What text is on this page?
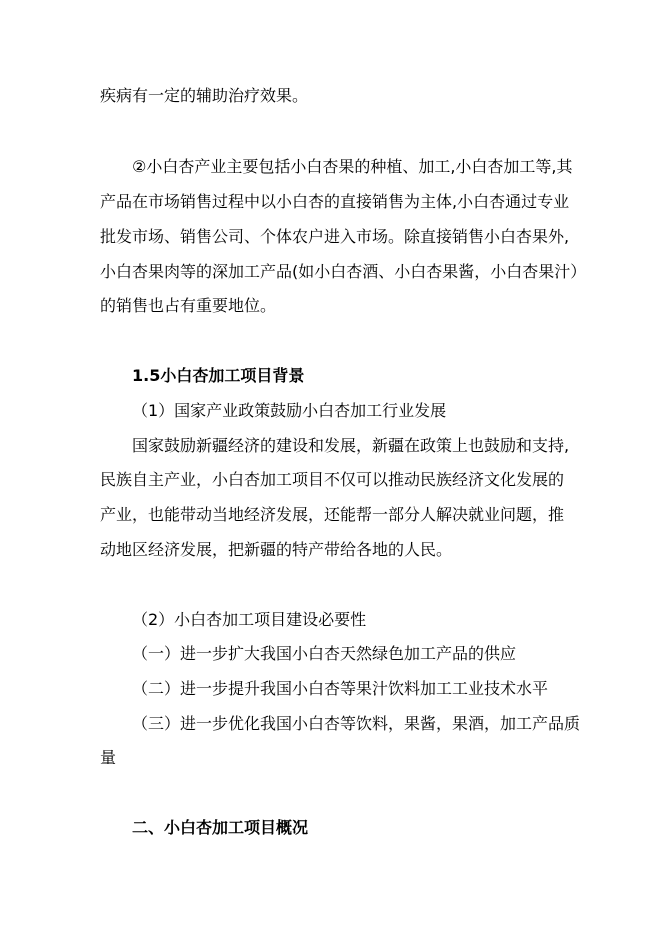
疾病有一定的辅助治疗效果。
②小白杏产业主要包括小白杏果的种植、加工,小白杏加工等,其
产品在市场销售过程中以小白杏的直接销售为主体,小白杏通过专业
批发市场、销售公司、个体农户进入市场。除直接销售小白杏果外,
小白杏果肉等的深加工产品(如小白杏酒、小白杏果酱，小白杏果汁）
的销售也占有重要地位。
1.5小白杏加工项目背景
（1）国家产业政策鼓励小白杏加工行业发展
国家鼓励新疆经济的建设和发展，新疆在政策上也鼓励和支持,
民族自主产业，小白杏加工项目不仅可以推动民族经济文化发展的
产业，也能带动当地经济发展，还能帮一部分人解决就业问题，推
动地区经济发展，把新疆的特产带给各地的人民。
（2）小白杏加工项目建设必要性
（一）进一步扩大我国小白杏天然绿色加工产品的供应
（二）进一步提升我国小白杏等果汁饮料加工工业技术水平
（三）进一步优化我国小白杏等饮料，果酱，果酒，加工产品质
量
二、小白杏加工项目概况
